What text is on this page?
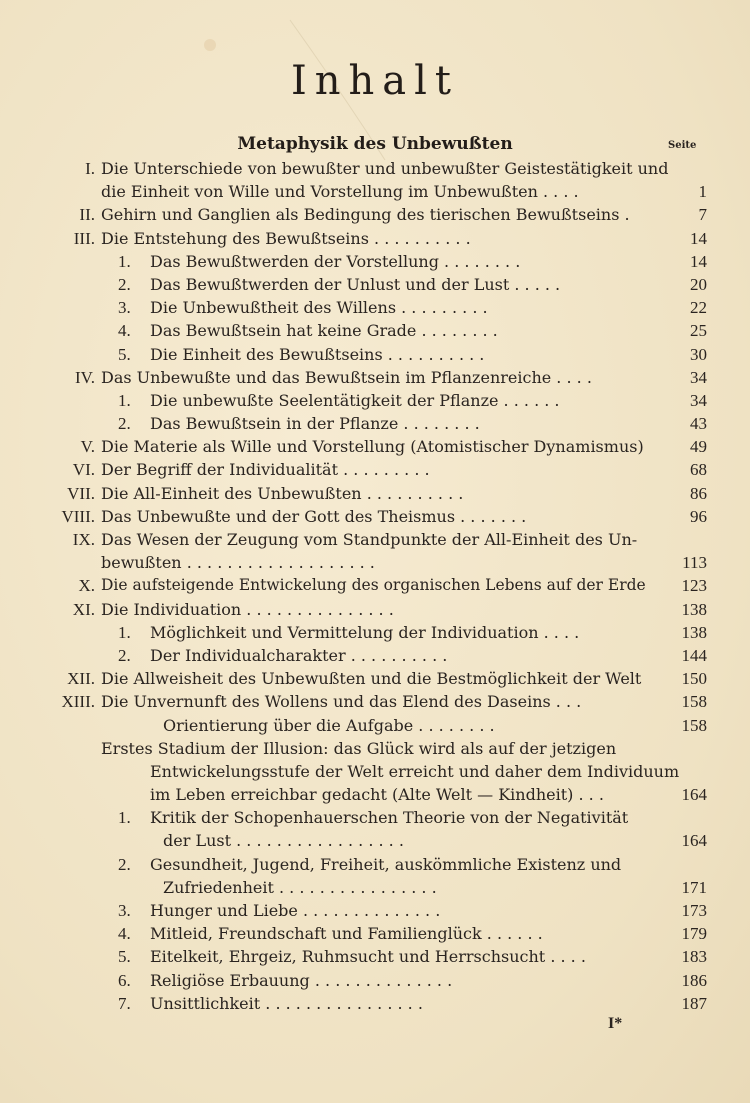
Inhalt
Metaphysik des Unbewußten	Seite
I. Die Unterschiede von bewußter und unbewußter Geistestätigkeit und
die Einheit von Wille und Vorstellung im Unbewußten . . . .	1
II. Gehirn und Ganglien als Bedingung des tierischen Bewußtseins .	7
III. Die Entstehung des Bewußtseins . . . . . . . . . .	14
1. Das Bewußtwerden der Vorstellung . . . . . . . .	14
2. Das Bewußtwerden der Unlust und der Lust . . . . .	20
3. Die Unbewußtheit des Willens . . . . . . . . .	22
4. Das Bewußtsein hat keine Grade . . . . . . . .	25
5. Die Einheit des Bewußtseins . . . . . . . . . .	30
IV. Das Unbewußte und das Bewußtsein im Pflanzenreiche . . . .	34
1. Die unbewußte Seelentätigkeit der Pflanze . . . . . .	34
2. Das Bewußtsein in der Pflanze . . . . . . . .	43
V. Die Materie als Wille und Vorstellung (Atomistischer Dynamismus)	49
VI. Der Begriff der Individualität . . . . . . . . .	68
VII. Die All-Einheit des Unbewußten . . . . . . . . . .	86
VIII. Das Unbewußte und der Gott des Theismus . . . . . . .	96
IX. Das Wesen der Zeugung vom Standpunkte der All-Einheit des Un-
bewußten . . . . . . . . . . . . . . . . . . .	113
X. Die aufsteigende Entwickelung des organischen Lebens auf der Erde	123
XI. Die Individuation . . . . . . . . . . . . . . .	138
1. Möglichkeit und Vermittelung der Individuation . . . .	138
2. Der Individualcharakter . . . . . . . . . .	144
XII. Die Allweisheit des Unbewußten und die Bestmöglichkeit der Welt	150
XIII. Die Unvernunft des Wollens und das Elend des Daseins . . .	158
Orientierung über die Aufgabe . . . . . . . .	158
Erstes Stadium der Illusion: das Glück wird als auf der jetzigen
Entwickelungsstufe der Welt erreicht und daher dem Individuum
im Leben erreichbar gedacht (Alte Welt — Kindheit) . . .	164
1. Kritik der Schopenhauerschen Theorie von der Negativität
der Lust . . . . . . . . . . . . . . . . .	164
2. Gesundheit, Jugend, Freiheit, auskömmliche Existenz und
Zufriedenheit . . . . . . . . . . . . . . . .	171
3. Hunger und Liebe . . . . . . . . . . . . . .	173
4. Mitleid, Freundschaft und Familienglück . . . . . .	179
5. Eitelkeit, Ehrgeiz, Ruhmsucht und Herrschsucht . . . .	183
6. Religiöse Erbauung . . . . . . . . . . . . . .	186
7. Unsittlichkeit . . . . . . . . . . . . . . . .	187
I*
